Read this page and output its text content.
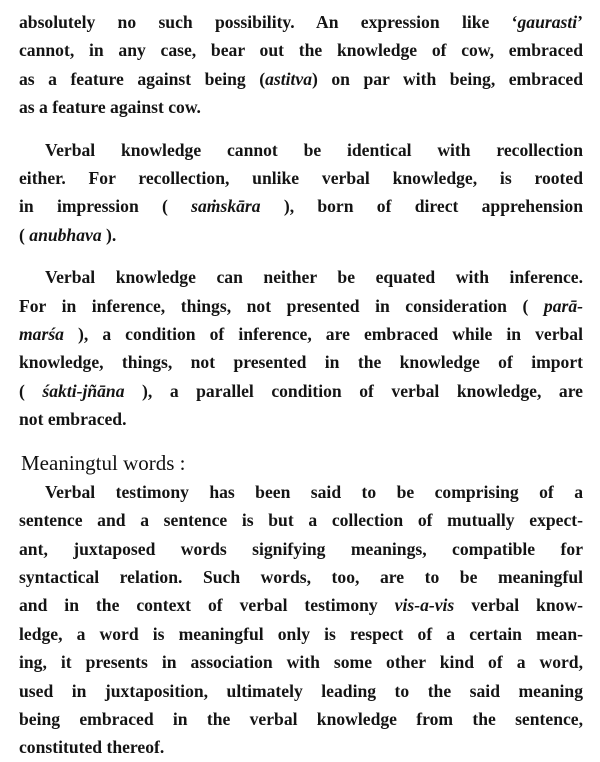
absolutely no such possibility. An expression like ‘gaurasti’
cannot, in any case, bear out the knowledge of cow, embraced
as a feature against being (astitva) on par with being, embraced
as a feature against cow.
Verbal knowledge cannot be identical with recollection
either. For recollection, unlike verbal knowledge, is rooted
in impression ( saṁskāra ), born of direct apprehension
( anubhava ).
Verbal knowledge can neither be equated with inference.
For in inference, things, not presented in consideration ( parā-
marśa ), a condition of inference, are embraced while in verbal
knowledge, things, not presented in the knowledge of import
( śakti-jñāna ), a parallel condition of verbal knowledge, are
not embraced.
Meaningtul words :
Verbal testimony has been said to be comprising of a
sentence and a sentence is but a collection of mutually expect-
ant, juxtaposed words signifying meanings, compatible for
syntactical relation. Such words, too, are to be meaningful
and in the context of verbal testimony vis-a-vis verbal know-
ledge, a word is meaningful only is respect of a certain mean-
ing, it presents in association with some other kind of a word,
used in juxtaposition, ultimately leading to the said meaning
being embraced in the verbal knowledge from the sentence,
constituted thereof.
